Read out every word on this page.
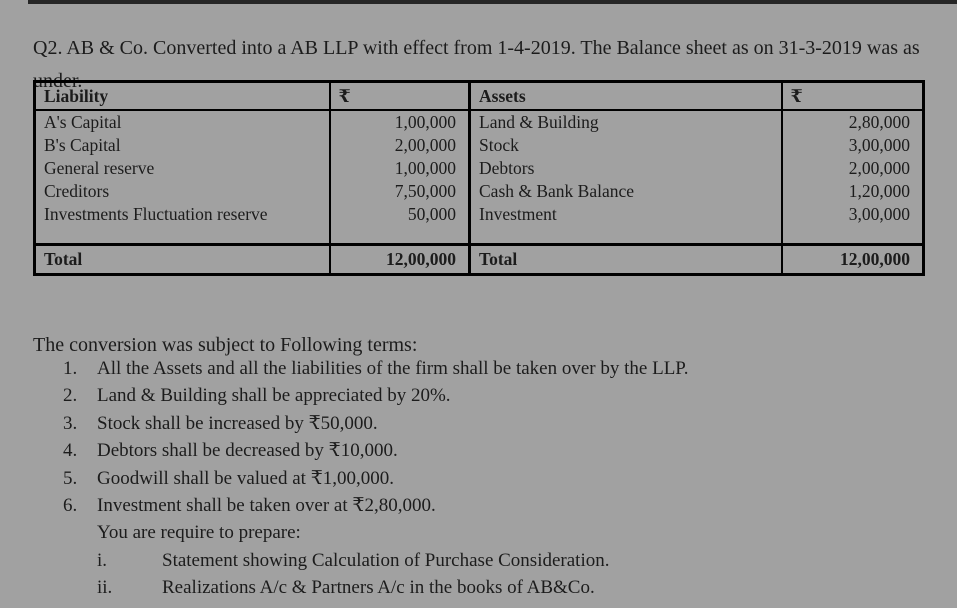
Q2. AB & Co. Converted into a AB LLP with effect from 1-4-2019. The Balance sheet as on 31-3-2019 was as under.

Liability	₹	Assets	₹
A's Capital	1,00,000	Land & Building	2,80,000
B's Capital	2,00,000	Stock	3,00,000
General reserve	1,00,000	Debtors	2,00,000
Creditors	7,50,000	Cash & Bank Balance	1,20,000
Investments Fluctuation reserve	50,000	Investment	3,00,000

Total	12,00,000	Total	12,00,000

The conversion was subject to Following terms:

1.	All the Assets and all the liabilities of the firm shall be taken over by the LLP.
2.	Land & Building shall be appreciated by 20%.
3.	Stock shall be increased by ₹50,000.
4.	Debtors shall be decreased by ₹10,000.
5.	Goodwill shall be valued at ₹1,00,000.
6.	Investment shall be taken over at ₹2,80,000.
You are require to prepare:
i.	Statement showing Calculation of Purchase Consideration.
ii.	Realizations A/c & Partners A/c in the books of AB&Co.
